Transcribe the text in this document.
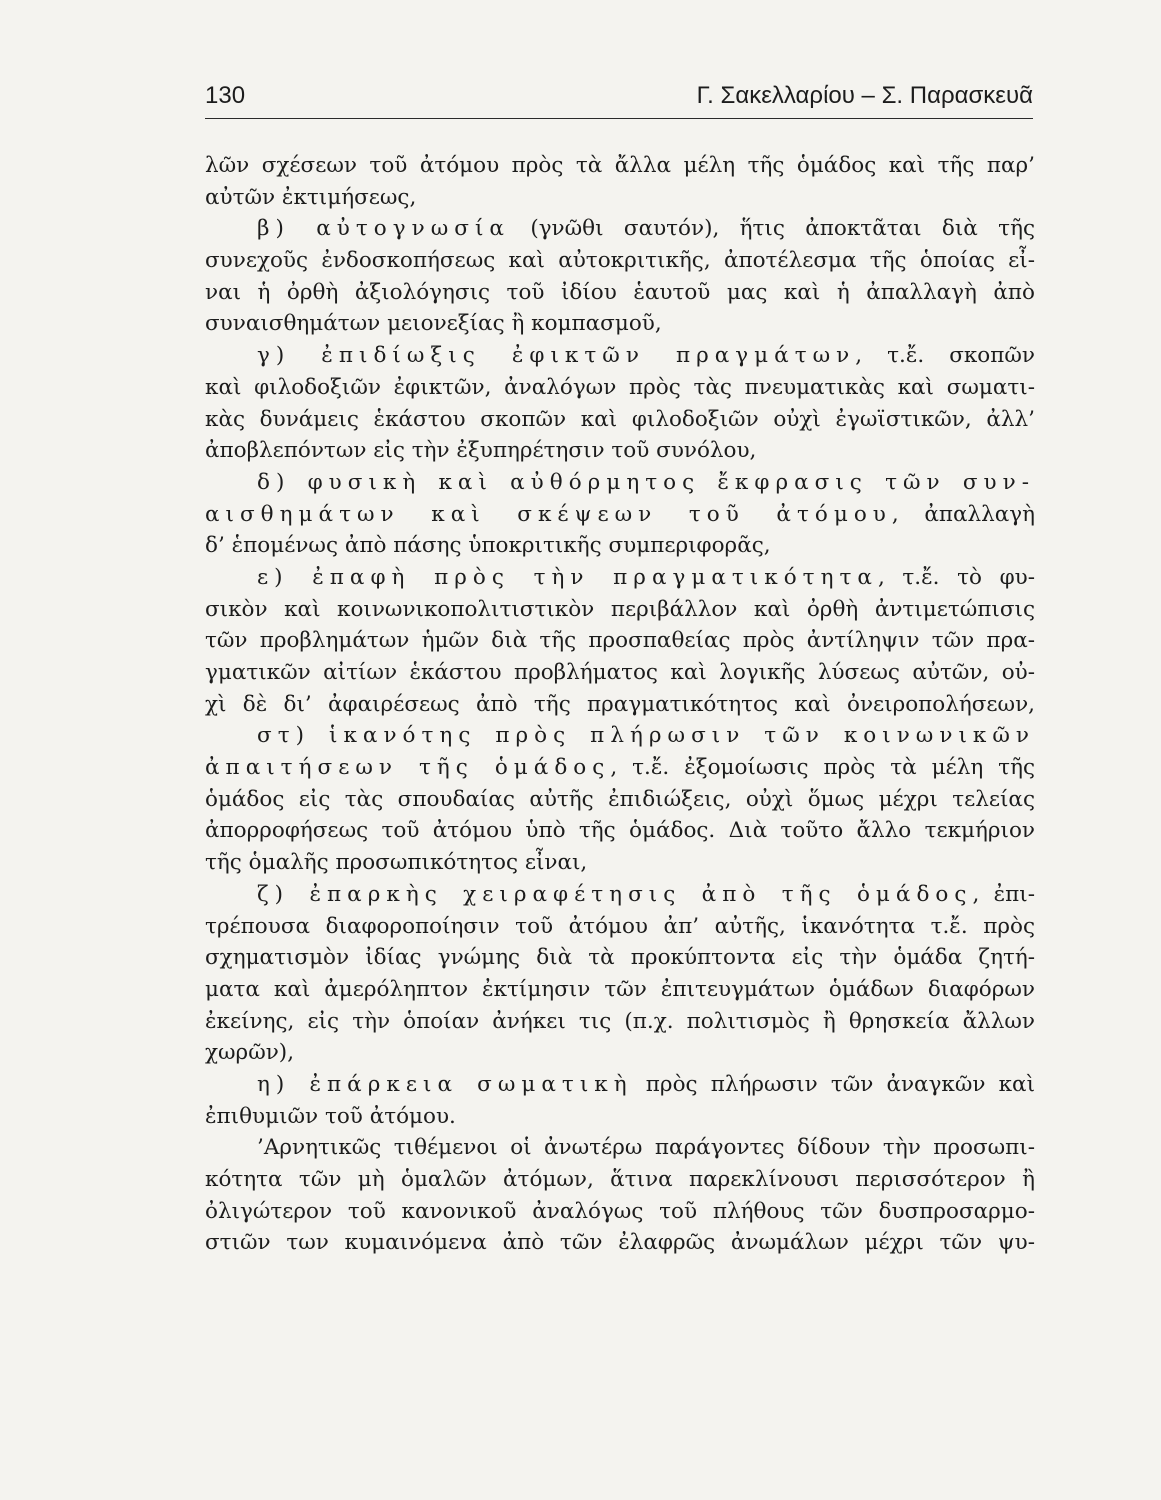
130	Γ. Σακελλαρίου – Σ. Παρασκευᾶ
λῶν σχέσεων τοῦ ἀτόμου πρὸς τὰ ἄλλα μέλη τῆς ὁμάδος καὶ τῆς παρ’
αὐτῶν ἐκτιμήσεως,
β) αὐτογνωσία (γνῶθι σαυτόν), ἥτις ἀποκτᾶται διὰ τῆς
συνεχοῦς ἐνδοσκοπήσεως καὶ αὐτοκριτικῆς, ἀποτέλεσμα τῆς ὁποίας εἶ-
ναι ἡ ὀρθὴ ἀξιολόγησις τοῦ ἰδίου ἑαυτοῦ μας καὶ ἡ ἀπαλλαγὴ ἀπὸ
συναισθημάτων μειονεξίας ἢ κομπασμοῦ,
γ) ἐπιδίωξις ἐφικτῶν πραγμάτων, τ.ἔ. σκοπῶν
καὶ φιλοδοξιῶν ἐφικτῶν, ἀναλόγων πρὸς τὰς πνευματικὰς καὶ σωματι-
κὰς δυνάμεις ἑκάστου σκοπῶν καὶ φιλοδοξιῶν οὐχὶ ἐγωϊστικῶν, ἀλλ’
ἀποβλεπόντων εἰς τὴν ἐξυπηρέτησιν τοῦ συνόλου,
δ) φυσικὴ καὶ αὐθόρμητος ἔκφρασις τῶν συν-
αισθημάτων καὶ σκέψεων τοῦ ἀτόμου, ἀπαλλαγὴ
δ’ ἑπομένως ἀπὸ πάσης ὑποκριτικῆς συμπεριφορᾶς,
ε) ἐπαφὴ πρὸς τὴν πραγματικότητα, τ.ἔ. τὸ φυ-
σικὸν καὶ κοινωνικοπολιτιστικὸν περιβάλλον καὶ ὀρθὴ ἀντιμετώπισις
τῶν προβλημάτων ἡμῶν διὰ τῆς προσπαθείας πρὸς ἀντίληψιν τῶν πρα-
γματικῶν αἰτίων ἑκάστου προβλήματος καὶ λογικῆς λύσεως αὐτῶν, οὐ-
χὶ δὲ δι’ ἀφαιρέσεως ἀπὸ τῆς πραγματικότητος καὶ ὀνειροπολήσεων,
στ) ἱκανότης πρὸς πλήρωσιν τῶν κοινωνικῶν
ἀπαιτήσεων τῆς ὁμάδος, τ.ἔ. ἐξομοίωσις πρὸς τὰ μέλη τῆς
ὁμάδος εἰς τὰς σπουδαίας αὐτῆς ἐπιδιώξεις, οὐχὶ ὅμως μέχρι τελείας
ἀπορροφήσεως τοῦ ἀτόμου ὑπὸ τῆς ὁμάδος. Διὰ τοῦτο ἄλλο τεκμήριον
τῆς ὁμαλῆς προσωπικότητος εἶναι,
ζ) ἐπαρκὴς χειραφέτησις ἀπὸ τῆς ὁμάδος, ἐπι-
τρέπουσα διαφοροποίησιν τοῦ ἀτόμου ἀπ’ αὐτῆς, ἱκανότητα τ.ἔ. πρὸς
σχηματισμὸν ἰδίας γνώμης διὰ τὰ προκύπτοντα εἰς τὴν ὁμάδα ζητή-
ματα καὶ ἀμερόληπτον ἐκτίμησιν τῶν ἐπιτευγμάτων ὁμάδων διαφόρων
ἐκείνης, εἰς τὴν ὁποίαν ἀνήκει τις (π.χ. πολιτισμὸς ἢ θρησκεία ἄλλων
χωρῶν),
η) ἐπάρκεια σωματικὴ πρὸς πλήρωσιν τῶν ἀναγκῶν καὶ
ἐπιθυμιῶν τοῦ ἀτόμου.
’Αρνητικῶς τιθέμενοι οἱ ἀνωτέρω παράγοντες δίδουν τὴν προσωπι-
κότητα τῶν μὴ ὁμαλῶν ἀτόμων, ἅτινα παρεκλίνουσι περισσότερον ἢ
ὀλιγώτερον τοῦ κανονικοῦ ἀναλόγως τοῦ πλήθους τῶν δυσπροσαρμο-
στιῶν των κυμαινόμενα ἀπὸ τῶν ἐλαφρῶς ἀνωμάλων μέχρι τῶν ψυ-
